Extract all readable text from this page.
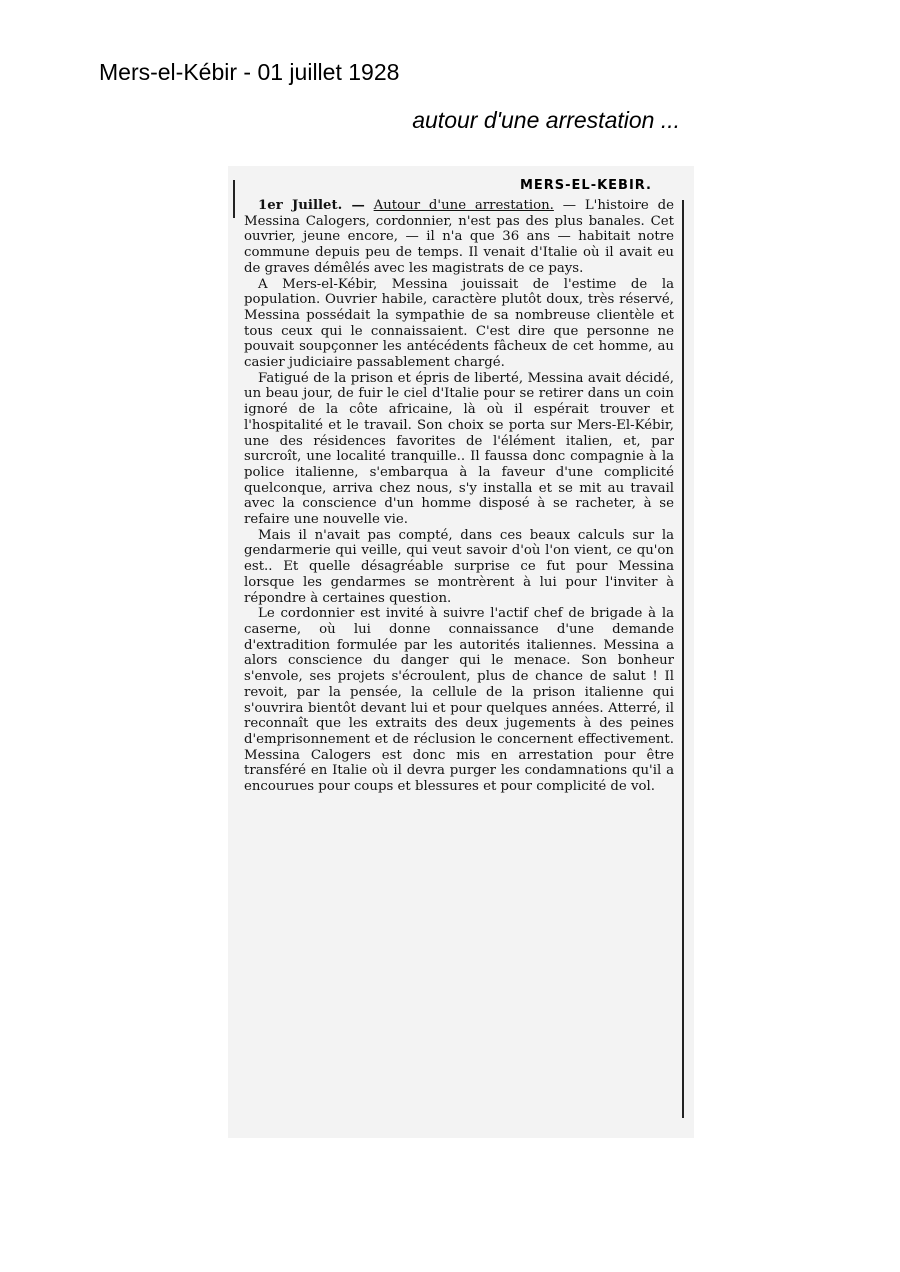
Mers-el-Kébir - 01 juillet 1928
autour d'une arrestation ...
MERS-EL-KEBIR.

1er Juillet. — Autour d'une arrestation. — L'histoire de Messina Calogers, cordonnier, n'est pas des plus banales. Cet ouvrier, jeune encore, — il n'a que 36 ans — habitait notre commune depuis peu de temps. Il venait d'Italie où il avait eu de graves démêlés avec les magistrats de ce pays.

A Mers-el-Kébir, Messina jouissait de l'estime de la population. Ouvrier habile, caractère plutôt doux, très réservé, Messina possédait la sympathie de sa nombreuse clientèle et tous ceux qui le connaissaient. C'est dire que personne ne pouvait soupçonner les antécédents fâcheux de cet homme, au casier judiciaire passablement chargé.

Fatigué de la prison et épris de liberté, Messina avait décidé, un beau jour, de fuir le ciel d'Italie pour se retirer dans un coin ignoré de la côte africaine, là où il espérait trouver et l'hospitalité et le travail. Son choix se porta sur Mers-El-Kébir, une des résidences favorites de l'élément italien, et, par surcroît, une localité tranquille.. Il faussa donc compagnie à la police italienne, s'embarqua à la faveur d'une complicité quelconque, arriva chez nous, s'y installa et se mit au travail avec la conscience d'un homme disposé à se racheter, à se refaire une nouvelle vie.

Mais il n'avait pas compté, dans ces beaux calculs sur la gendarmerie qui veille, qui veut savoir d'où l'on vient, ce qu'on est.. Et quelle désagréable surprise ce fut pour Messina lorsque les gendarmes se montrèrent à lui pour l'inviter à répondre à certaines question.

Le cordonnier est invité à suivre l'actif chef de brigade à la caserne, où lui donne connaissance d'une demande d'extradition formulée par les autorités italiennes. Messina a alors conscience du danger qui le menace. Son bonheur s'envole, ses projets s'écroulent, plus de chance de salut ! Il revoit, par la pensée, la cellule de la prison italienne qui s'ouvrira bientôt devant lui et pour quelques années. Atterré, il reconnaît que les extraits des deux jugements à des peines d'emprisonnement et de réclusion le concernent effectivement. Messina Calogers est donc mis en arrestation pour être transféré en Italie où il devra purger les condamnations qu'il a encourues pour coups et blessures et pour complicité de vol.
